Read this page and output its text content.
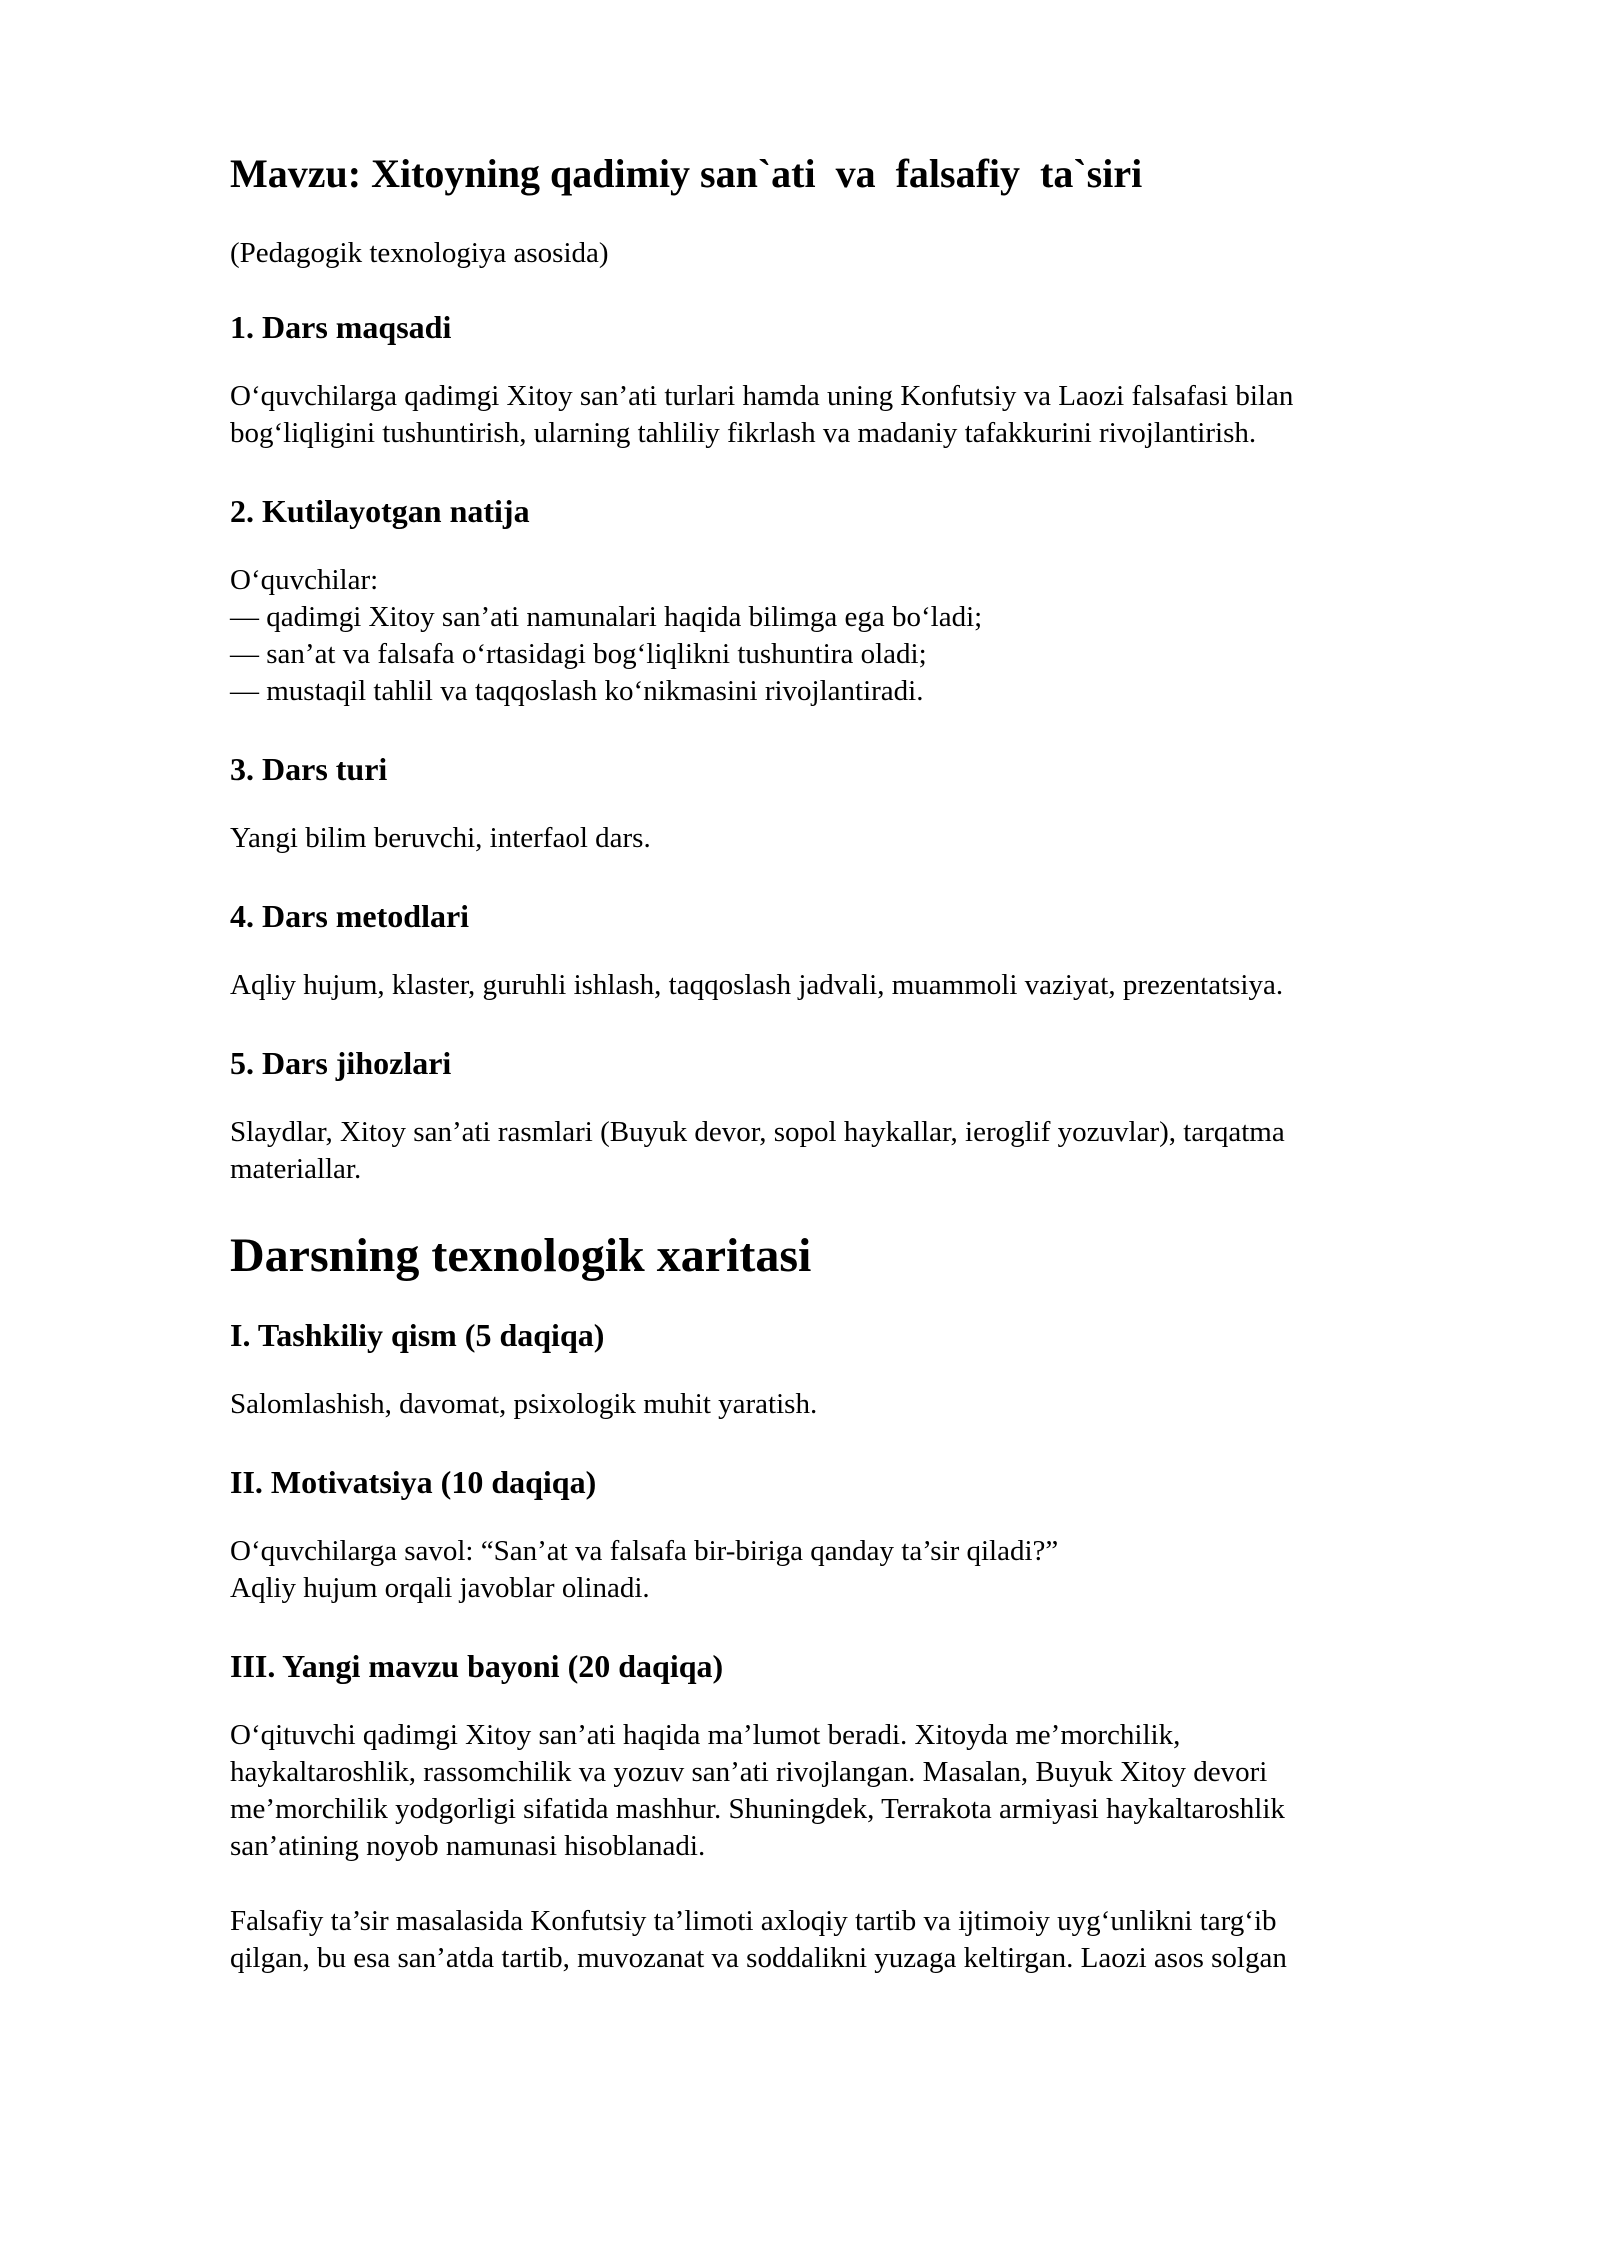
Mavzu: Xitoyning qadimiy san`ati  va  falsafiy  ta`siri
(Pedagogik texnologiya asosida)
1. Dars maqsadi
O‘quvchilarga qadimgi Xitoy san’ati turlari hamda uning Konfutsiy va Laozi falsafasi bilan
bog‘liqligini tushuntirish, ularning tahliliy fikrlash va madaniy tafakkurini rivojlantirish.
2. Kutilayotgan natija
O‘quvchilar:
— qadimgi Xitoy san’ati namunalari haqida bilimga ega bo‘ladi;
— san’at va falsafa o‘rtasidagi bog‘liqlikni tushuntira oladi;
— mustaqil tahlil va taqqoslash ko‘nikmasini rivojlantiradi.
3. Dars turi
Yangi bilim beruvchi, interfaol dars.
4. Dars metodlari
Aqliy hujum, klaster, guruhli ishlash, taqqoslash jadvali, muammoli vaziyat, prezentatsiya.
5. Dars jihozlari
Slaydlar, Xitoy san’ati rasmlari (Buyuk devor, sopol haykallar, ieroglif yozuvlar), tarqatma
materiallar.
Darsning texnologik xaritasi
I. Tashkiliy qism (5 daqiqa)
Salomlashish, davomat, psixologik muhit yaratish.
II. Motivatsiya (10 daqiqa)
O‘quvchilarga savol: “San’at va falsafa bir-biriga qanday ta’sir qiladi?”
Aqliy hujum orqali javoblar olinadi.
III. Yangi mavzu bayoni (20 daqiqa)
O‘qituvchi qadimgi Xitoy san’ati haqida ma’lumot beradi. Xitoyda me’morchilik,
haykaltaroshlik, rassomchilik va yozuv san’ati rivojlangan. Masalan, Buyuk Xitoy devori
me’morchilik yodgorligi sifatida mashhur. Shuningdek, Terrakota armiyasi haykaltaroshlik
san’atining noyob namunasi hisoblanadi.
Falsafiy ta’sir masalasida Konfutsiy ta’limoti axloqiy tartib va ijtimoiy uyg‘unlikni targ‘ib
qilgan, bu esa san’atda tartib, muvozanat va soddalikni yuzaga keltirgan. Laozi asos solgan
